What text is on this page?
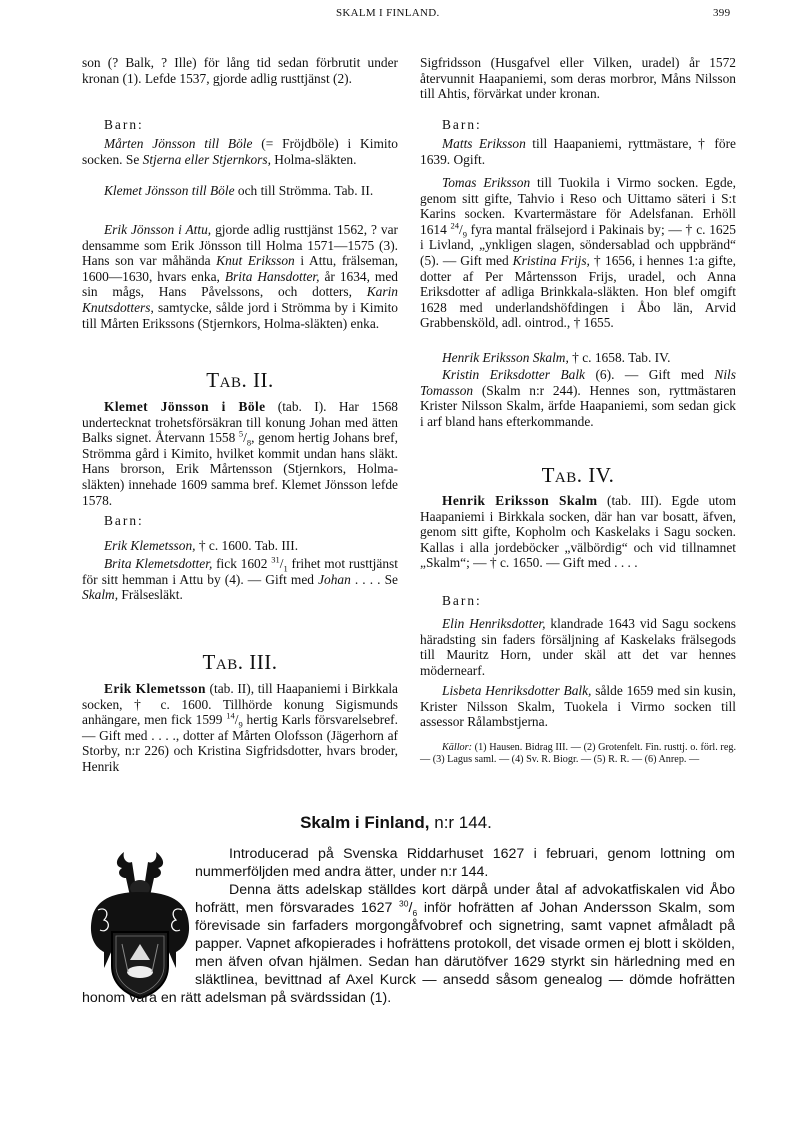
SKALM I FINLAND.	399
son (? Balk, ? Ille) för lång tid sedan förbrutit under kronan (1). Lefde 1537, gjorde adlig rusttjänst (2).
Barn:
Mårten Jönsson till Böle (= Fröjdböle) i Kimito socken. Se Stjerna eller Stjernkors, Holma-släkten.
Klemet Jönsson till Böle och till Strömma. Tab. II.
Erik Jönsson i Attu, gjorde adlig rusttjänst 1562, ? var densamme som Erik Jönsson till Holma 1571—1575 (3). Hans son var måhända Knut Eriksson i Attu, frälseman, 1600—1630, hvars enka, Brita Hansdotter, år 1634, med sin mågs, Hans Påvelssons, och dotters, Karin Knutsdotters, samtycke, sålde jord i Strömma by i Kimito till Mårten Erikssons (Stjernkors, Holma-släkten) enka.
TAB. II.
Klemet Jönsson i Böle (tab. I). Har 1568 undertecknat trohetsförsäkran till konung Johan med ätten Balks signet. Återvann 1558 $^5/_8$, genom hertig Johans bref, Strömma gård i Kimito, hvilket kommit undan hans släkt. Hans brorson, Erik Mårtensson (Stjernkors, Holma-släkten) innehade 1609 samma bref. Klemet Jönsson lefde 1578.
Barn:
Erik Klemetsson, † c. 1600. Tab. III.
Brita Klemetsdotter, fick 1602 $^{31}/_1$ frihet mot rusttjänst för sitt hemman i Attu by (4). — Gift med Johan . . . . Se Skalm, Frälsesläkt.
TAB. III.
Erik Klemetsson (tab. II), till Haapaniemi i Birkkala socken, † c. 1600. Tillhörde konung Sigismunds anhängare, men fick 1599 $^{14}/_9$ hertig Karls försvarelsebref. — Gift med . . . ., dotter af Mårten Olofsson (Jägerhorn af Storby, n:r 226) och Kristina Sigfridsdotter, hvars broder, Henrik
Sigfridsson (Husgafvel eller Vilken, uradel) år 1572 återvunnit Haapaniemi, som deras morbror, Måns Nilsson till Ahtis, förvärkat under kronan.
Barn:
Matts Eriksson till Haapaniemi, ryttmästare, † före 1639. Ogift.
Tomas Eriksson till Tuokila i Virmo socken. Egde, genom sitt gifte, Tahvio i Reso och Uittamo säteri i S:t Karins socken. Kvartermästare för Adelsfanan. Erhöll 1614 $^{24}/_9$ fyra mantal frälsejord i Pakinais by; — † c. 1625 i Livland, „ynkligen slagen, söndersablad och uppbränd“ (5). — Gift med Kristina Frijs, † 1656, i hennes 1:a gifte, dotter af Per Mårtensson Frijs, uradel, och Anna Eriksdotter af adliga Brinkkala-släkten. Hon blef omgift 1628 med underlandshöfdingen i Åbo län, Arvid Grabbensköld, adl. ointrod., † 1655.
Henrik Eriksson Skalm, † c. 1658. Tab. IV.
Kristin Eriksdotter Balk (6). — Gift med Nils Tomasson (Skalm n:r 244). Hennes son, ryttmästaren Krister Nilsson Skalm, ärfde Haapaniemi, som sedan gick i arf bland hans efterkommande.
TAB. IV.
Henrik Eriksson Skalm (tab. III). Egde utom Haapaniemi i Birkkala socken, där han var bosatt, äfven, genom sitt gifte, Kopholm och Kaskelaks i Sagu socken. Kallas i alla jordeböcker „välbördig“ och vid tillnamnet „Skalm“; — † c. 1650. — Gift med . . . .
Barn:
Elin Henriksdotter, klandrade 1643 vid Sagu sockens häradsting sin faders försäljning af Kaskelaks frälsegods till Mauritz Horn, under skäl att det var hennes mödernearf.
Lisbeta Henriksdotter Balk, sålde 1659 med sin kusin, Krister Nilsson Skalm, Tuokela i Virmo socken till assessor Rålambstjerna.
Källor: (1) Hausen. Bidrag III. — (2) Grotenfelt. Fin. rusttj. o. förl. reg. — (3) Lagus saml. — (4) Sv. R. Biogr. — (5) R. R. — (6) Anrep. —
Skalm i Finland, n:r 144.

Introducerad på Svenska Riddarhuset 1627 i februari, genom lottning om nummerföljden med andra ätter, under n:r 144.

Denna ätts adelskap ställdes kort därpå under åtal af advokatfiskalen vid Åbo hofrätt, men försvarades 1627 $^{30}/_6$ inför hofrätten af Johan Andersson Skalm, som förevisade sin farfaders morgongåfvobref och signetring, samt vapnet afmåladt på papper. Vapnet afkopierades i hofrättens protokoll, det visade ormen ej blott i skölden, men äfven ofvan hjälmen. Sedan han därutöfver 1629 styrkt sin härledning med en släktlinea, bevittnad af Axel Kurck — ansedd såsom genealog — dömde hofrätten honom vara en rätt adelsman på svärdssidan (1).
